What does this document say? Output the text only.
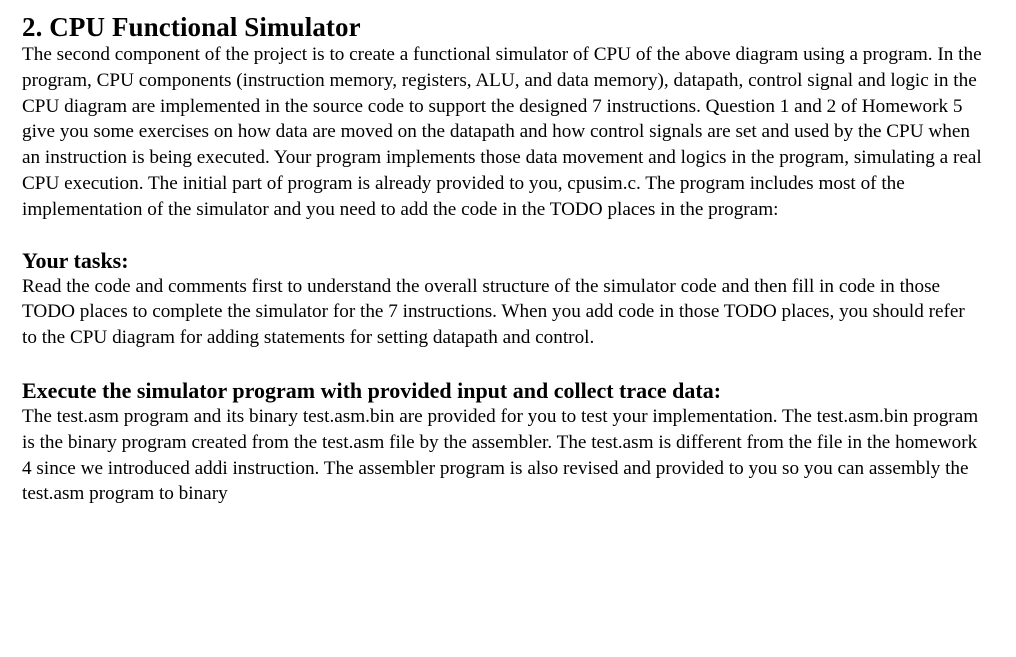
2. CPU Functional Simulator

The second component of the project is to create a functional simulator of CPU of the above diagram using a program. In the program, CPU components (instruction memory, registers, ALU, and data memory), datapath, control signal and logic in the CPU diagram are implemented in the source code to support the designed 7 instructions. Question 1 and 2 of Homework 5 give you some exercises on how data are moved on the datapath and how control signals are set and used by the CPU when an instruction is being executed. Your program implements those data movement and logics in the program, simulating a real CPU execution. The initial part of program is already provided to you, cpusim.c. The program includes most of the implementation of the simulator and you need to add the code in the TODO places in the program:

Your tasks:

Read the code and comments first to understand the overall structure of the simulator code and then fill in code in those TODO places to complete the simulator for the 7 instructions. When you add code in those TODO places, you should refer to the CPU diagram for adding statements for setting datapath and control.

Execute the simulator program with provided input and collect trace data:

The test.asm program and its binary test.asm.bin are provided for you to test your implementation. The test.asm.bin program is the binary program created from the test.asm file by the assembler. The test.asm is different from the file in the homework 4 since we introduced addi instruction. The assembler program is also revised and provided to you so you can assembly the test.asm program to binary
